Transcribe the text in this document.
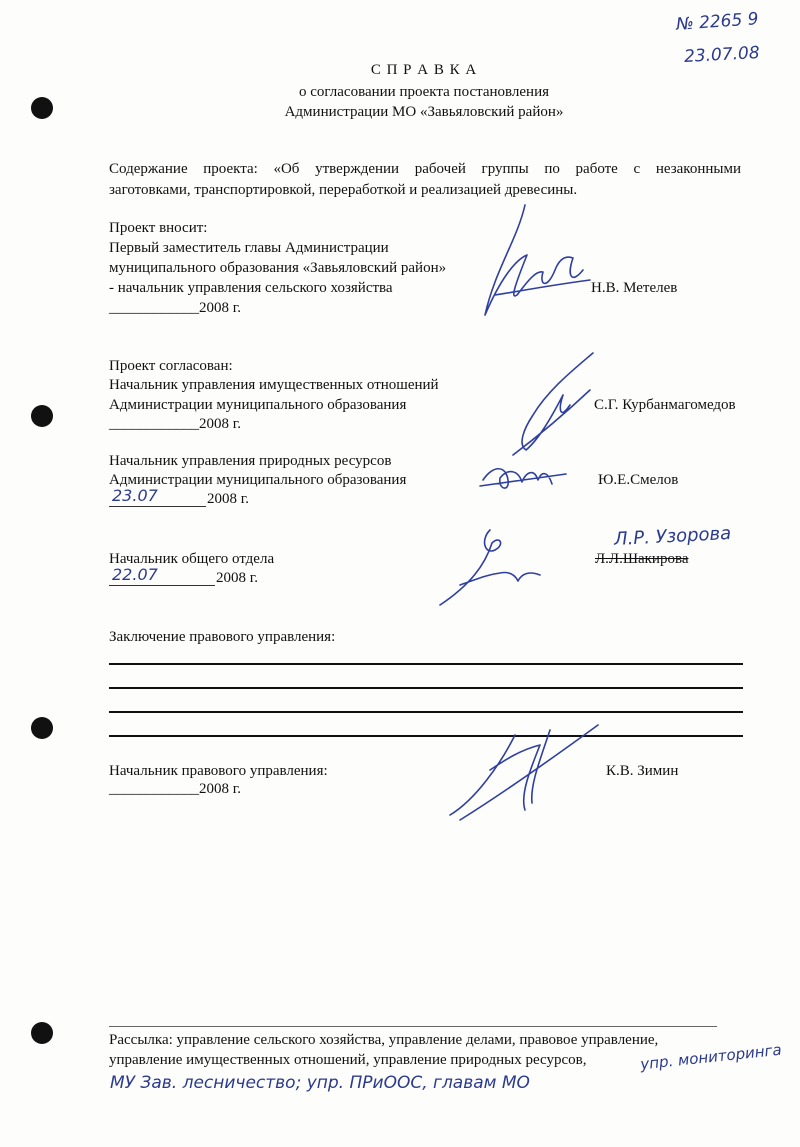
№ 2265 9
23.07.08
С П Р А В К А
о согласовании проекта постановления
Администрации МО «Завьяловский район»
Содержание проекта: «Об утверждении рабочей группы по работе с незаконными
заготовками, транспортировкой, переработкой и реализацией древесины.
Проект вносит:
Первый заместитель главы Администрации
муниципального образования «Завьяловский район»
- начальник управления сельского хозяйства
____________2008 г.
Н.В. Метелев
Проект согласован:
Начальник управления имущественных отношений
Администрации муниципального образования
____________2008 г.
С.Г. Курбанмагомедов
Начальник управления природных ресурсов
Администрации муниципального образования
23.07	2008 г.
Ю.Е.Смелов
Начальник общего отдела
22.07	2008 г.
Л.Л.Шакирова
Л.Р. Узорова
Заключение правового управления:
Начальник правового управления:
____________2008 г.
К.В. Зимин
Рассылка: управление сельского хозяйства, управление делами, правовое управление,
управление имущественных отношений, управление природных ресурсов,	упр. мониторинга
МУ Зав. лесничество; упр. ПРиООС, главам МО
